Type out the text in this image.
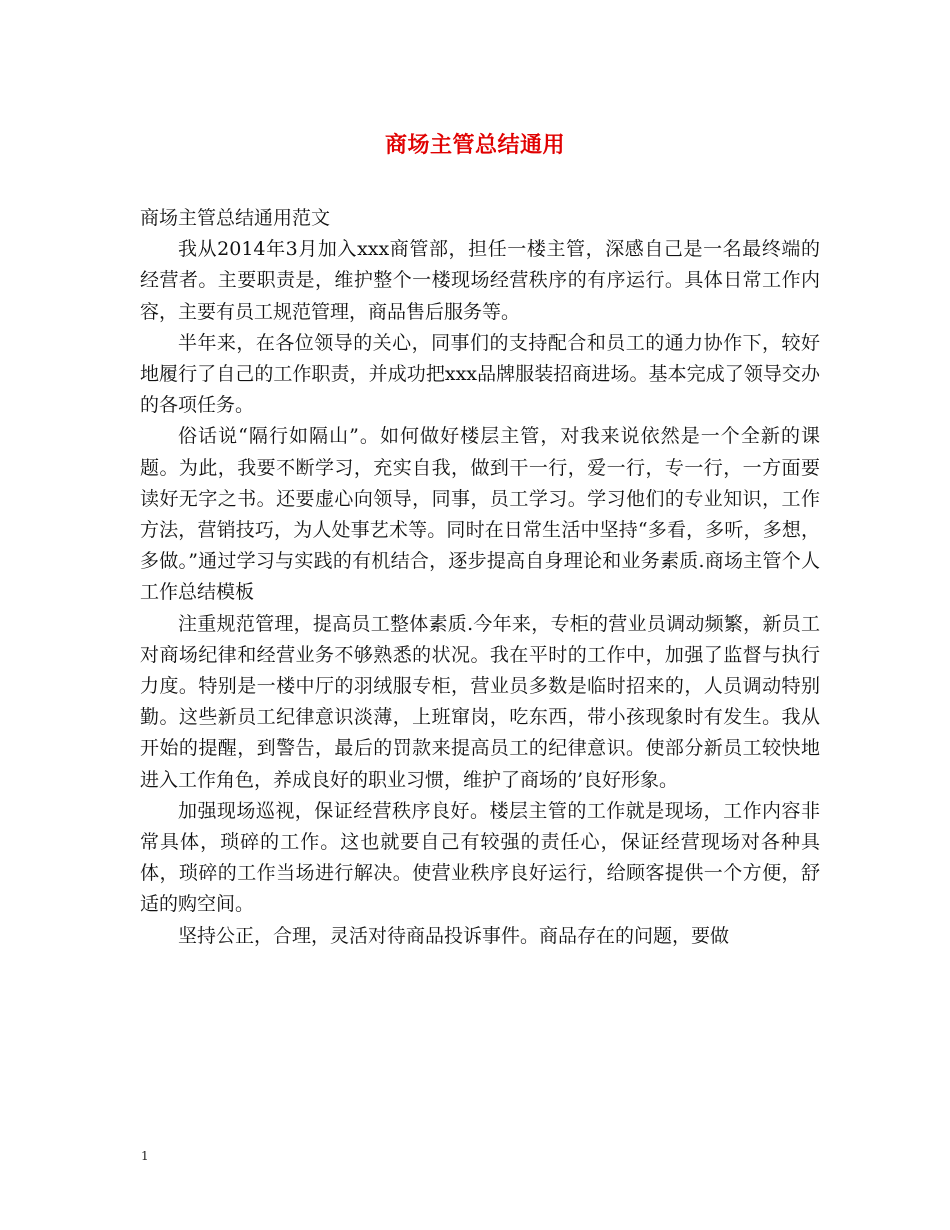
商场主管总结通用

商场主管总结通用范文

我从2014年3月加入xxx商管部，担任一楼主管，深感自己是一名最终端的经营者。主要职责是，维护整个一楼现场经营秩序的有序运行。具体日常工作内容，主要有员工规范管理，商品售后服务等。

半年来，在各位领导的关心，同事们的支持配合和员工的通力协作下，较好地履行了自己的工作职责，并成功把xxx品牌服装招商进场。基本完成了领导交办的各项任务。

俗话说“隔行如隔山”。如何做好楼层主管，对我来说依然是一个全新的课题。为此，我要不断学习，充实自我，做到干一行，爱一行，专一行，一方面要读好无字之书。还要虚心向领导，同事，员工学习。学习他们的专业知识，工作方法，营销技巧，为人处事艺术等。同时在日常生活中坚持“多看，多听，多想，多做。”通过学习与实践的有机结合，逐步提高自身理论和业务素质.商场主管个人工作总结模板

注重规范管理，提高员工整体素质.今年来，专柜的营业员调动频繁，新员工对商场纪律和经营业务不够熟悉的状况。我在平时的工作中，加强了监督与执行力度。特别是一楼中厅的羽绒服专柜，营业员多数是临时招来的，人员调动特别勤。这些新员工纪律意识淡薄，上班窜岗，吃东西，带小孩现象时有发生。我从开始的提醒，到警告，最后的罚款来提高员工的纪律意识。使部分新员工较快地进入工作角色，养成良好的职业习惯，维护了商场的’良好形象。

加强现场巡视，保证经营秩序良好。楼层主管的工作就是现场，工作内容非常具体，琐碎的工作。这也就要自己有较强的责任心，保证经营现场对各种具体，琐碎的工作当场进行解决。使营业秩序良好运行，给顾客提供一个方便，舒适的购空间。

坚持公正，合理，灵活对待商品投诉事件。商品存在的问题，要做

1
